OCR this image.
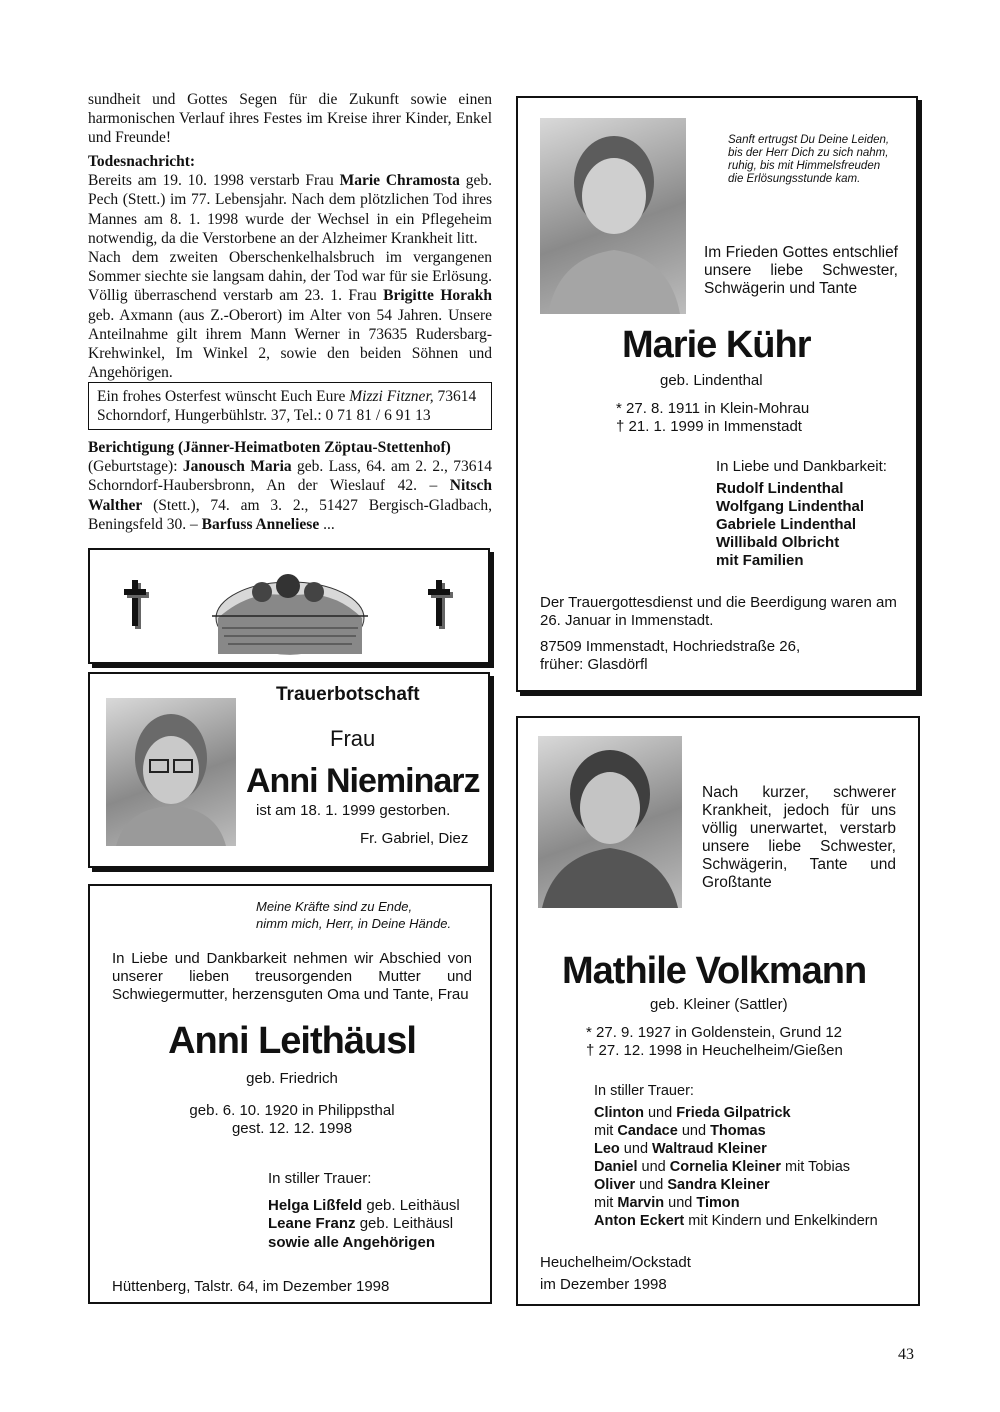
sundheit und Gottes Segen für die Zukunft sowie einen harmonischen Verlauf ihres Festes im Kreise ihrer Kinder, Enkel und Freunde!
Todesnachricht:
Bereits am 19. 10. 1998 verstarb Frau Marie Chramosta geb. Pech (Stett.) im 77. Lebensjahr. Nach dem plötzlichen Tod ihres Mannes am 8. 1. 1998 wurde der Wechsel in ein Pflegeheim notwendig, da die Verstorbene an der Alzheimer Krankheit litt.
Nach dem zweiten Oberschenkelhalsbruch im vergangenen Sommer siechte sie langsam dahin, der Tod war für sie Erlösung. Völlig überraschend verstarb am 23. 1. Frau Brigitte Horakh geb. Axmann (aus Z.-Oberort) im Alter von 54 Jahren. Unsere Anteilnahme gilt ihrem Mann Werner in 73635 Rudersbarg-Krehwinkel, Im Winkel 2, sowie den beiden Söhnen und Angehörigen.
Ein frohes Osterfest wünscht Euch Eure Mizzi Fitzner, 73614 Schorndorf, Hungerbühlstr. 37, Tel.: 0 71 81 / 6 91 13
Berichtigung (Jänner-Heimatboten Zöptau-Stettenhof)
(Geburtstage): Janousch Maria geb. Lass, 64. am 2. 2., 73614 Schorndorf-Haubersbronn, An der Wieslauf 42. – Nitsch Walther (Stett.), 74. am 3. 2., 51427 Bergisch-Gladbach, Beningsfeld 30. – Barfuss Anneliese ...
Trauerbotschaft
Frau
Anni Nieminarz
ist am 18. 1. 1999 gestorben.
Fr. Gabriel, Diez
Meine Kräfte sind zu Ende,
nimm mich, Herr, in Deine Hände.
In Liebe und Dankbarkeit nehmen wir Abschied von unserer lieben treusorgenden Mutter und Schwiegermutter, herzensguten Oma und Tante, Frau
Anni Leithäusl
geb. Friedrich
geb. 6. 10. 1920 in Philippsthal
gest. 12. 12. 1998
In stiller Trauer:
Helga Lißfeld geb. Leithäusl
Leane Franz geb. Leithäusl
sowie alle Angehörigen
Hüttenberg, Talstr. 64, im Dezember 1998
Sanft ertrugst Du Deine Leiden,
bis der Herr Dich zu sich nahm,
ruhig, bis mit Himmelsfreuden
die Erlösungsstunde kam.
Im Frieden Gottes entschlief unsere liebe Schwester, Schwägerin und Tante
Marie Kühr
geb. Lindenthal
* 27. 8. 1911 in Klein-Mohrau
† 21. 1. 1999 in Immenstadt
In Liebe und Dankbarkeit:
Rudolf Lindenthal
Wolfgang Lindenthal
Gabriele Lindenthal
Willibald Olbricht
mit Familien
Der Trauergottesdienst und die Beerdigung waren am 26. Januar in Immenstadt.
87509 Immenstadt, Hochriedstraße 26,
früher: Glasdörfl
Nach kurzer, schwerer Krankheit, jedoch für uns völlig unerwartet, verstarb unsere liebe Schwester, Schwägerin, Tante und Großtante
Mathile Volkmann
geb. Kleiner (Sattler)
* 27. 9. 1927 in Goldenstein, Grund 12
† 27. 12. 1998 in Heuchelheim/Gießen
In stiller Trauer:
Clinton und Frieda Gilpatrick
mit Candace und Thomas
Leo und Waltraud Kleiner
Daniel und Cornelia Kleiner mit Tobias
Oliver und Sandra Kleiner
mit Marvin und Timon
Anton Eckert mit Kindern und Enkelkindern
Heuchelheim/Ockstadt
im Dezember 1998
43
